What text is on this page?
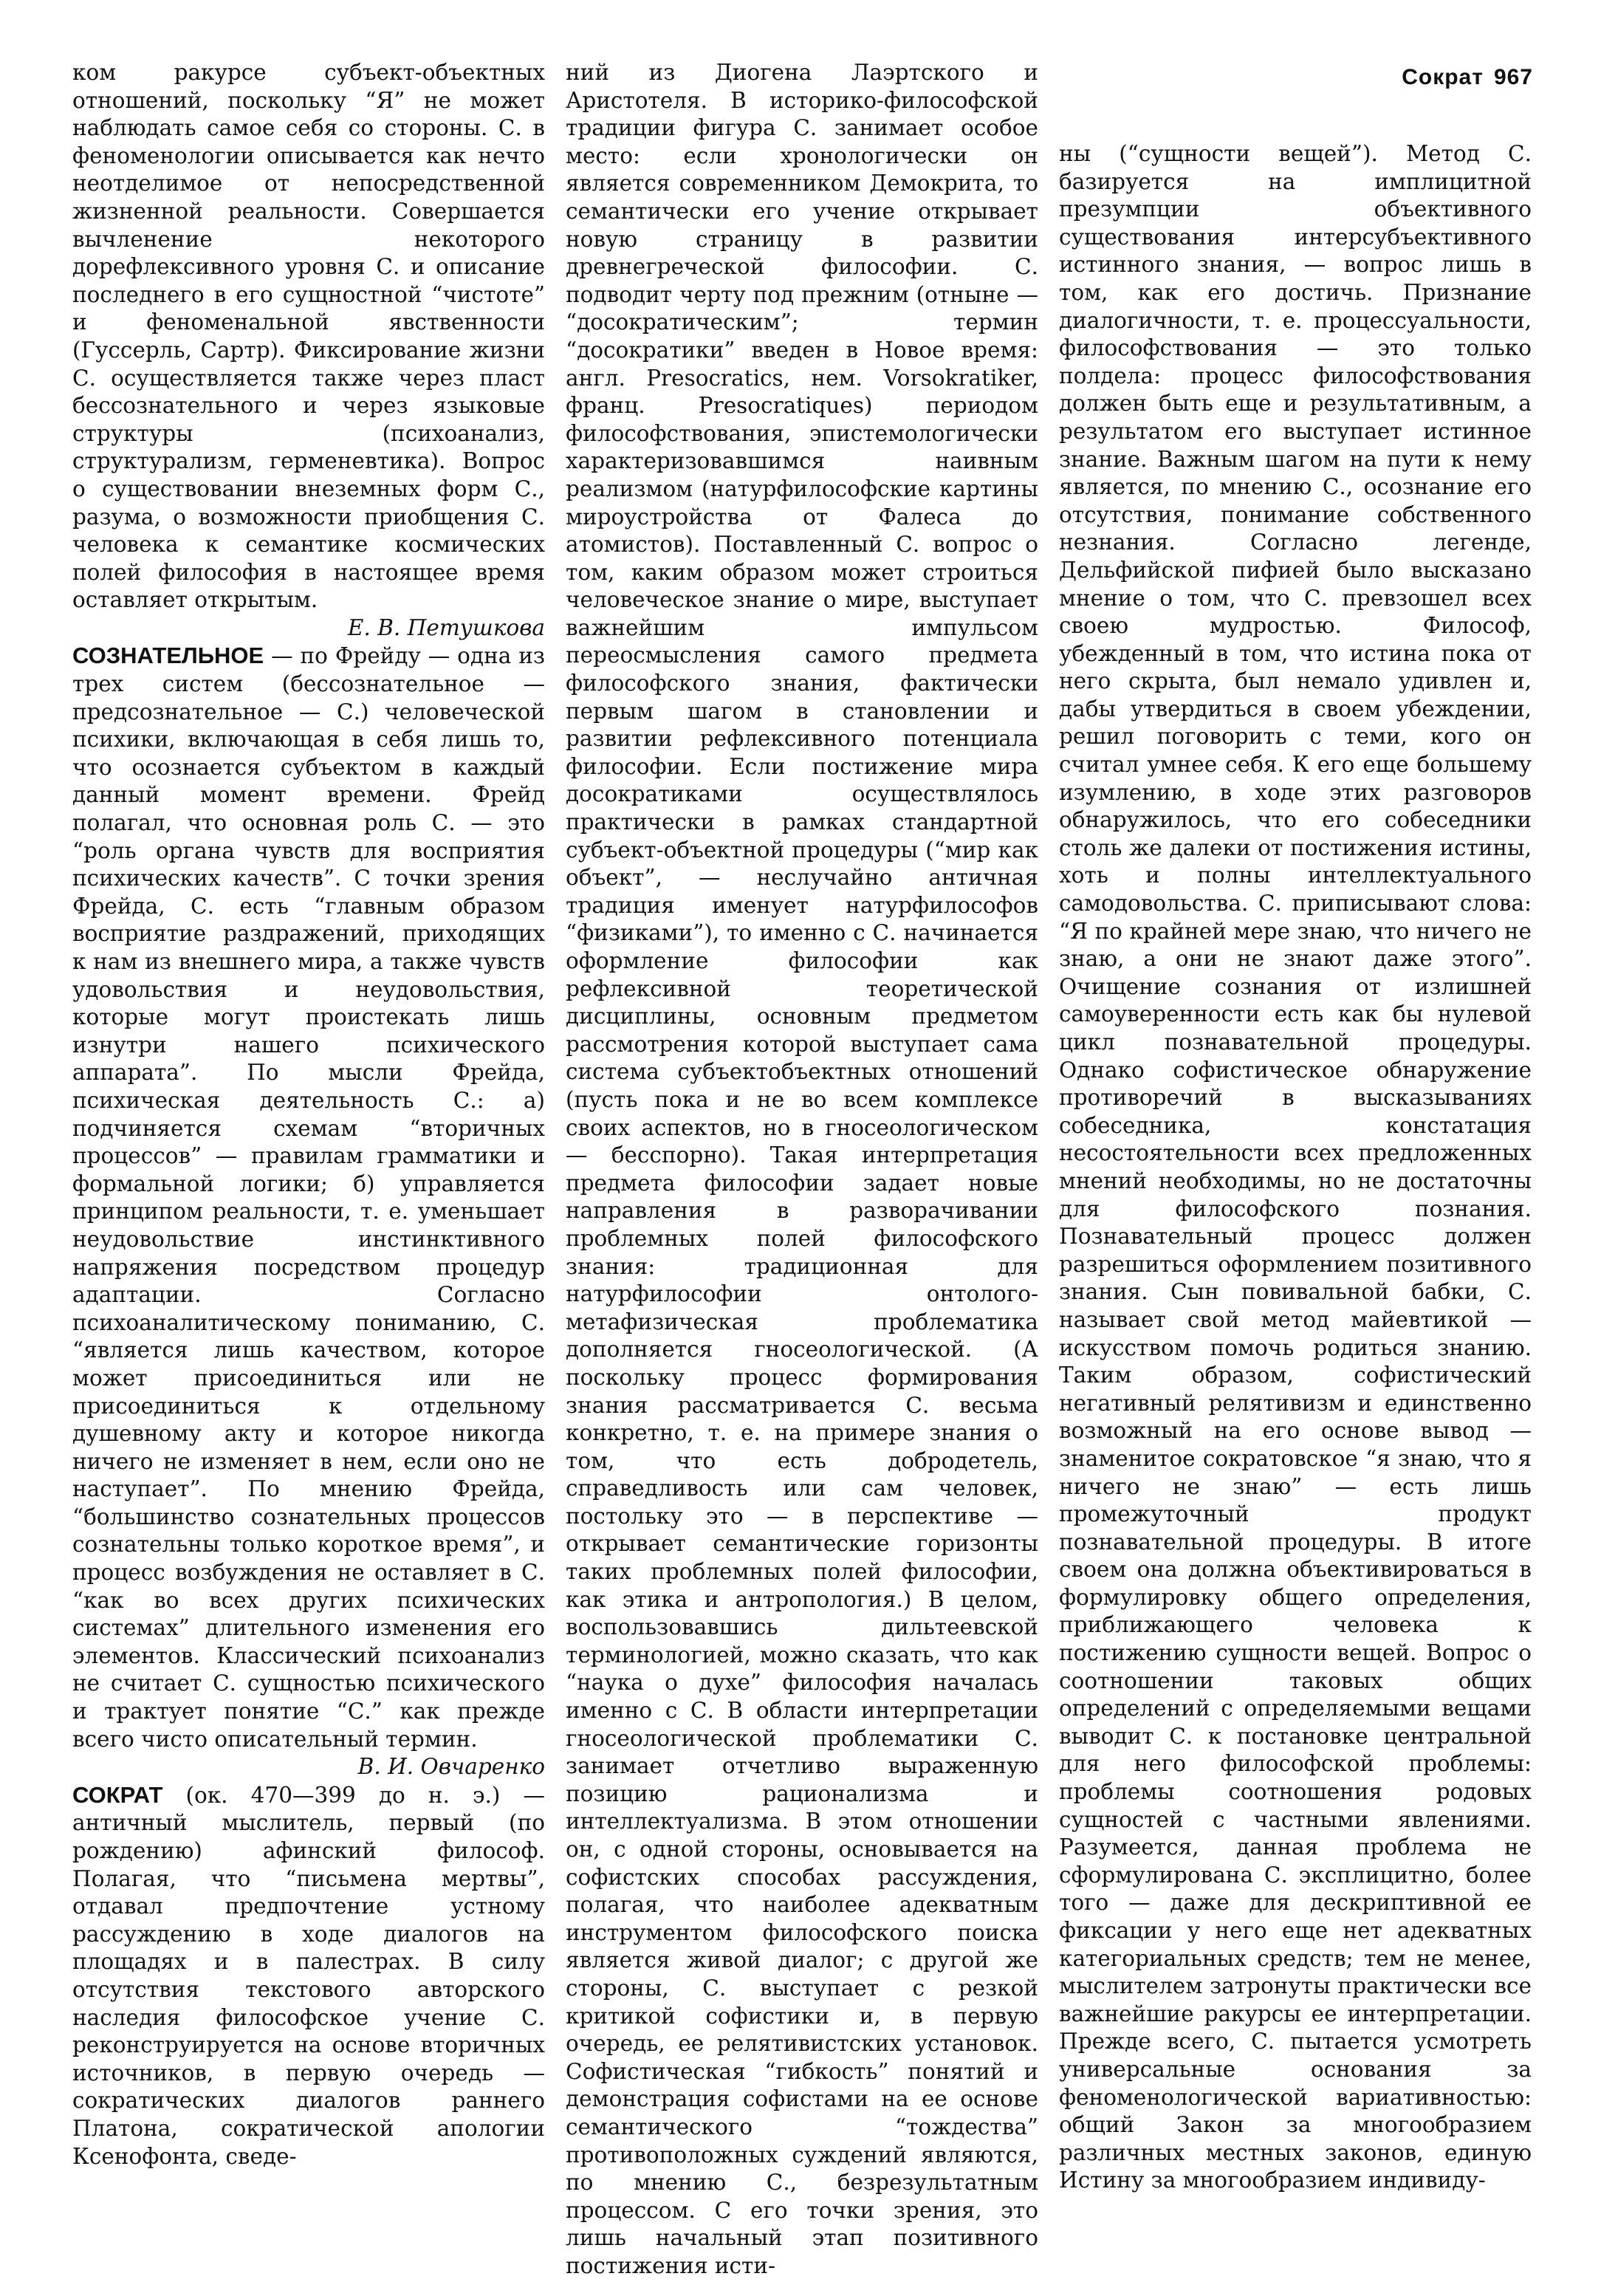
Сократ 967

ком ракурсе субъект-объектных отношений, поскольку “Я” не может наблюдать самое себя со стороны. С. в феноменологии описывается как нечто неотделимое от непосредственной жизненной реальности. Совершается вычленение некоторого дорефлексивного уровня С. и описание последнего в его сущностной “чистоте” и феноменальной явственности (Гуссерль, Сартр). Фиксирование жизни С. осуществляется также через пласт бессознательного и через языковые структуры (психоанализ, структурализм, герменевтика). Вопрос о существовании внеземных форм С., разума, о возможности приобщения С. человека к семантике космических полей философия в настоящее время оставляет открытым.

Е. В. Петушкова

СОЗНАТЕЛЬНОЕ — по Фрейду — одна из трех систем (бессознательное — предсознательное — С.) человеческой психики, включающая в себя лишь то, что осознается субъектом в каждый данный момент времени. Фрейд полагал, что основная роль С. — это “роль органа чувств для восприятия психических качеств”. С точки зрения Фрейда, С. есть “главным образом восприятие раздражений, приходящих к нам из внешнего мира, а также чувств удовольствия и неудовольствия, которые могут проистекать лишь изнутри нашего психического аппарата”. По мысли Фрейда, психическая деятельность С.: а) подчиняется схемам “вторичных процессов” — правилам грамматики и формальной логики; б) управляется принципом реальности, т. е. уменьшает неудовольствие инстинктивного напряжения посредством процедур адаптации. Согласно психоаналитическому пониманию, С. “является лишь качеством, которое может присоединиться или не присоединиться к отдельному душевному акту и которое никогда ничего не изменяет в нем, если оно не наступает”. По мнению Фрейда, “большинство сознательных процессов сознательны только короткое время”, и процесс возбуждения не оставляет в С. “как во всех других психических системах” длительного изменения его элементов. Классический психоанализ не считает С. сущностью психического и трактует понятие “С.” как прежде всего чисто описательный термин.

В. И. Овчаренко

СОКРАТ (ок. 470—399 до н. э.) — античный мыслитель, первый (по рождению) афинский философ. Полагая, что “письмена мертвы”, отдавал предпочтение устному рассуждению в ходе диалогов на площадях и в палестрах. В силу отсутствия текстового авторского наследия философское учение С. реконструируется на основе вторичных источников, в первую очередь — сократических диалогов раннего Платона, сократической апологии Ксенофонта, сведе-

ний из Диогена Лаэртского и Аристотеля. В историко-философской традиции фигура С. занимает особое место: если хронологически он является современником Демокрита, то семантически его учение открывает новую страницу в развитии древнегреческой философии. С. подводит черту под прежним (отныне — “досократическим”; термин “досократики” введен в Новое время: англ. Presocratics, нем. Vorsokratiker, франц. Presocratiques) периодом философствования, эпистемологически характеризовавшимся наивным реализмом (натурфилософские картины мироустройства от Фалеса до атомистов). Поставленный С. вопрос о том, каким образом может строиться человеческое знание о мире, выступает важнейшим импульсом переосмысления самого предмета философского знания, фактически первым шагом в становлении и развитии рефлексивного потенциала философии. Если постижение мира досократиками осуществлялось практически в рамках стандартной субъект-объектной процедуры (“мир как объект”, — неслучайно античная традиция именует натурфилософов “физиками”), то именно с С. начинается оформление философии как рефлексивной теоретической дисциплины, основным предметом рассмотрения которой выступает сама система субъектобъектных отношений (пусть пока и не во всем комплексе своих аспектов, но в гносеологическом — бесспорно). Такая интерпретация предмета философии задает новые направления в разворачивании проблемных полей философского знания: традиционная для натурфилософии онтолого-метафизическая проблематика дополняется гносеологической. (А поскольку процесс формирования знания рассматривается С. весьма конкретно, т. е. на примере знания о том, что есть добродетель, справедливость или сам человек, постольку это — в перспективе — открывает семантические горизонты таких проблемных полей философии, как этика и антропология.) В целом, воспользовавшись дильтеевской терминологией, можно сказать, что как “наука о духе” философия началась именно с С. В области интерпретации гносеологической проблематики С. занимает отчетливо выраженную позицию рационализма и интеллектуализма. В этом отношении он, с одной стороны, основывается на софистских способах рассуждения, полагая, что наиболее адекватным инструментом философского поиска является живой диалог; с другой же стороны, С. выступает с резкой критикой софистики и, в первую очередь, ее релятивистских установок. Софистическая “гибкость” понятий и демонстрация софистами на ее основе семантического “тождества” противоположных суждений являются, по мнению С., безрезультатным процессом. С его точки зрения, это лишь начальный этап позитивного постижения исти-

ны (“сущности вещей”). Метод С. базируется на имплицитной презумпции объективного существования интерсубъективного истинного знания, — вопрос лишь в том, как его достичь. Признание диалогичности, т. е. процессуальности, философствования — это только полдела: процесс философствования должен быть еще и результативным, а результатом его выступает истинное знание. Важным шагом на пути к нему является, по мнению С., осознание его отсутствия, понимание собственного незнания. Согласно легенде, Дельфийской пифией было высказано мнение о том, что С. превзошел всех своею мудростью. Философ, убежденный в том, что истина пока от него скрыта, был немало удивлен и, дабы утвердиться в своем убеждении, решил поговорить с теми, кого он считал умнее себя. К его еще большему изумлению, в ходе этих разговоров обнаружилось, что его собеседники столь же далеки от постижения истины, хоть и полны интеллектуального самодовольства. С. приписывают слова: “Я по крайней мере знаю, что ничего не знаю, а они не знают даже этого”. Очищение сознания от излишней самоуверенности есть как бы нулевой цикл познавательной процедуры. Однако софистическое обнаружение противоречий в высказываниях собеседника, констатация несостоятельности всех предложенных мнений необходимы, но не достаточны для философского познания. Познавательный процесс должен разрешиться оформлением позитивного знания. Сын повивальной бабки, С. называет свой метод майевтикой — искусством помочь родиться знанию. Таким образом, софистический негативный релятивизм и единственно возможный на его основе вывод — знаменитое сократовское “я знаю, что я ничего не знаю” — есть лишь промежуточный продукт познавательной процедуры. В итоге своем она должна объективироваться в формулировку общего определения, приближающего человека к постижению сущности вещей. Вопрос о соотношении таковых общих определений с определяемыми вещами выводит С. к постановке центральной для него философской проблемы: проблемы соотношения родовых сущностей с частными явлениями. Разумеется, данная проблема не сформулирована С. эксплицитно, более того — даже для дескриптивной ее фиксации у него еще нет адекватных категориальных средств; тем не менее, мыслителем затронуты практически все важнейшие ракурсы ее интерпретации. Прежде всего, С. пытается усмотреть универсальные основания за феноменологической вариативностью: общий Закон за многообразием различных местных законов, единую Истину за многообразием индивиду-
